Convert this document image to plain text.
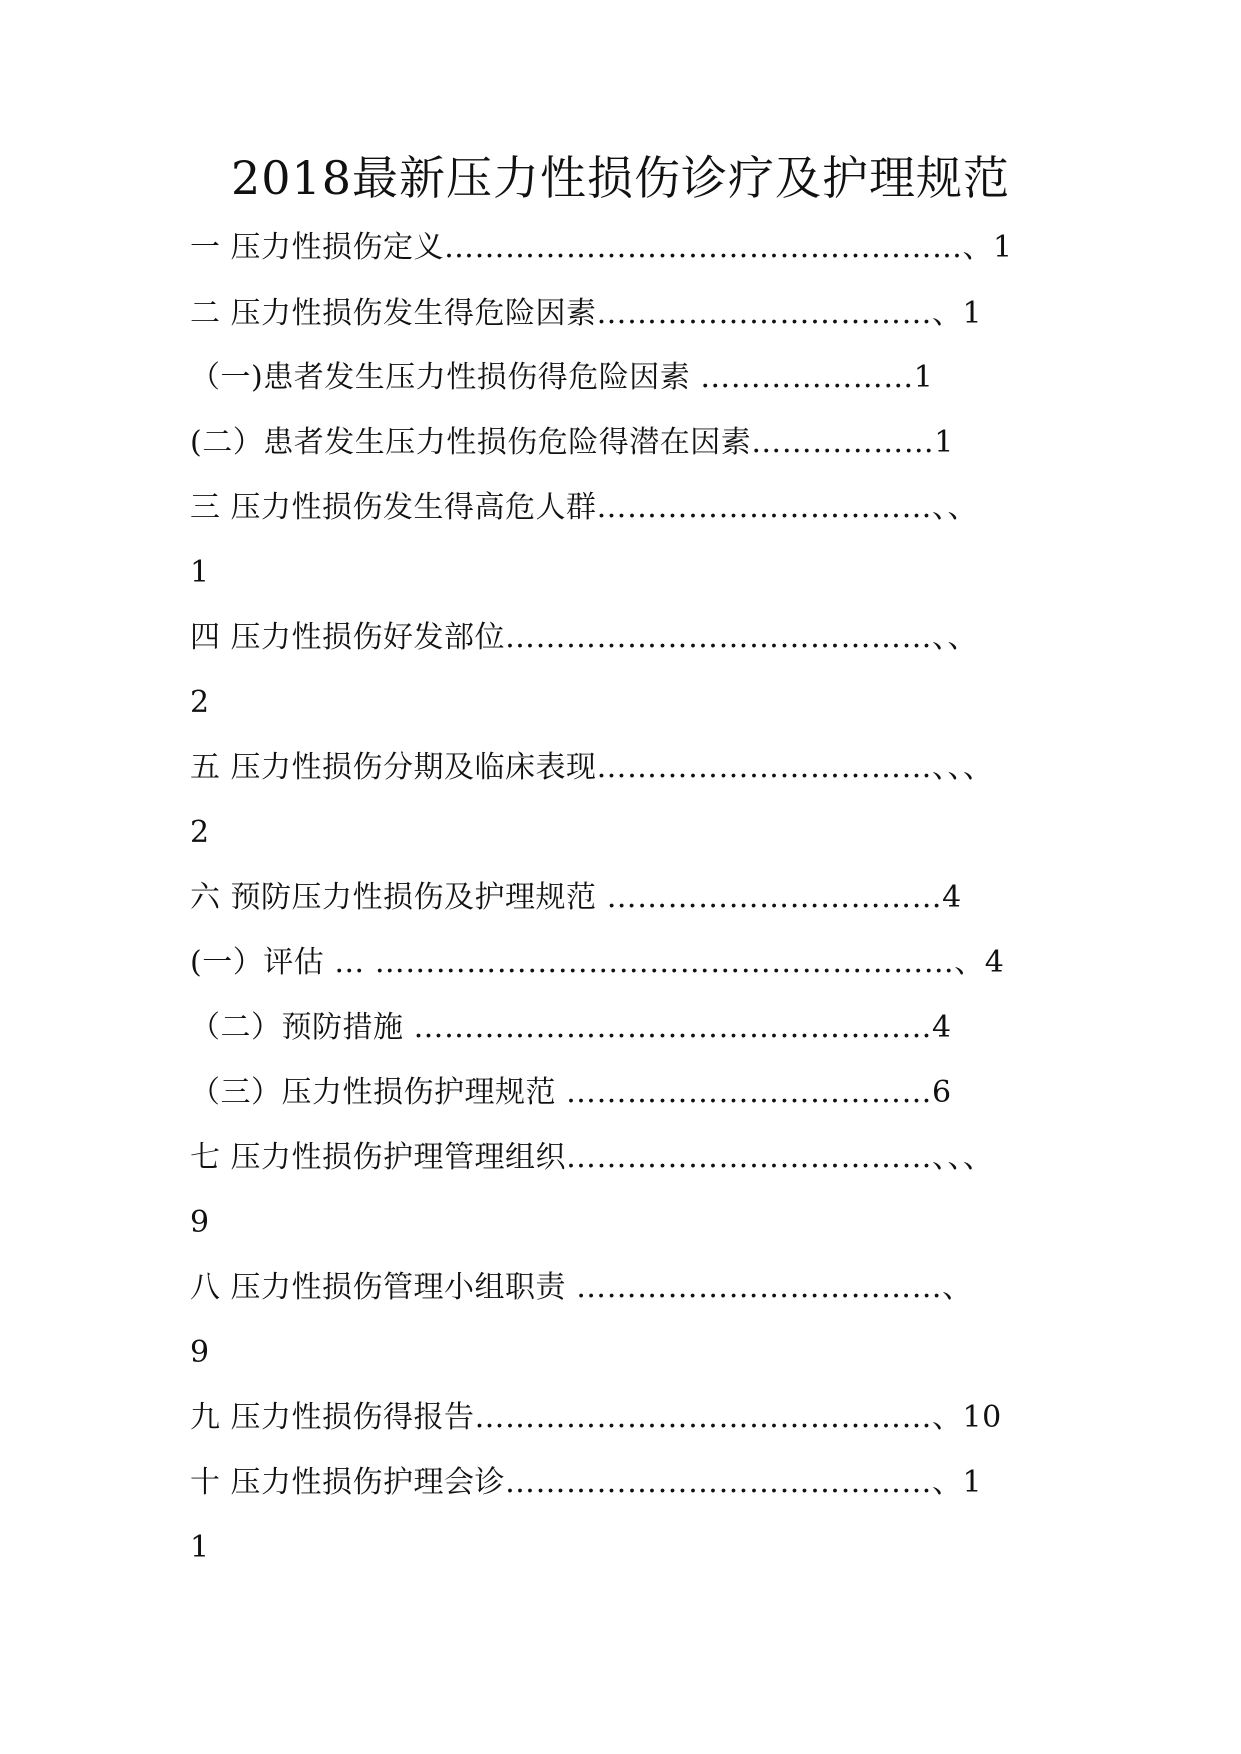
2018最新压力性损伤诊疗及护理规范
一 压力性损伤定义……………………………………………、1
二 压力性损伤发生得危险因素……………………………、1
（一)患者发生压力性损伤得危险因素 …………………1
(二）患者发生压力性损伤危险得潜在因素………………1
三 压力性损伤发生得高危人群……………………………、、
1
四 压力性损伤好发部位……………………………………、、
2
五 压力性损伤分期及临床表现……………………………、、、
2
六 预防压力性损伤及护理规范 ……………………………4
(一）评估 … …………………………………………………、4
（二）预防措施 ……………………………………………4
（三）压力性损伤护理规范 ………………………………6
七 压力性损伤护理管理组织………………………………、、、
9
八 压力性损伤管理小组职责 ………………………………、
9
九 压力性损伤得报告………………………………………、10
十 压力性损伤护理会诊……………………………………、1
1
